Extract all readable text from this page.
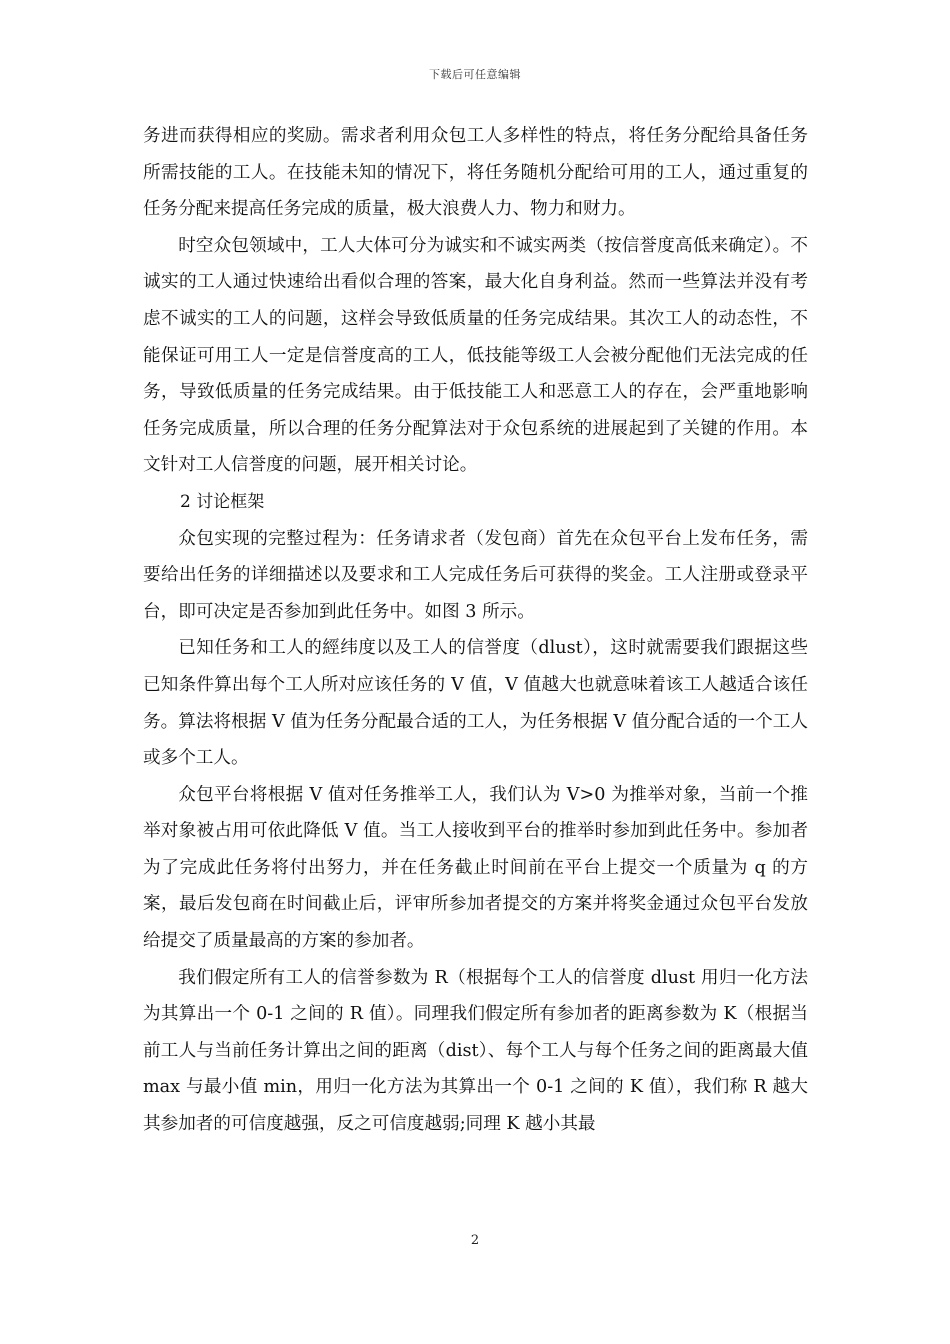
下载后可任意编辑

务进而获得相应的奖励。需求者利用众包工人多样性的特点，将任务分配给具备任务所需技能的工人。在技能未知的情况下，将任务随机分配给可用的工人，通过重复的任务分配来提高任务完成的质量，极大浪费人力、物力和财力。

时空众包领域中，工人大体可分为诚实和不诚实两类（按信誉度高低来确定）。不诚实的工人通过快速给出看似合理的答案，最大化自身利益。然而一些算法并没有考虑不诚实的工人的问题，这样会导致低质量的任务完成结果。其次工人的动态性，不能保证可用工人一定是信誉度高的工人，低技能等级工人会被分配他们无法完成的任务，导致低质量的任务完成结果。由于低技能工人和恶意工人的存在，会严重地影响任务完成质量，所以合理的任务分配算法对于众包系统的进展起到了关键的作用。本文针对工人信誉度的问题，展开相关讨论。

2 讨论框架

众包实现的完整过程为：任务请求者（发包商）首先在众包平台上发布任务，需要给出任务的详细描述以及要求和工人完成任务后可获得的奖金。工人注册或登录平台，即可决定是否参加到此任务中。如图 3 所示。

已知任务和工人的經纬度以及工人的信誉度（dlust），这时就需要我们跟据这些已知条件算出每个工人所对应该任务的 V 值，V 值越大也就意味着该工人越适合该任务。算法将根据 V 值为任务分配最合适的工人，为任务根据 V 值分配合适的一个工人或多个工人。

众包平台将根据 V 值对任务推举工人，我们认为 V>0 为推举对象，当前一个推举对象被占用可依此降低 V 值。当工人接收到平台的推举时参加到此任务中。参加者为了完成此任务将付出努力，并在任务截止时间前在平台上提交一个质量为 q 的方案，最后发包商在时间截止后，评审所参加者提交的方案并将奖金通过众包平台发放给提交了质量最高的方案的参加者。

我们假定所有工人的信誉参数为 R（根据每个工人的信誉度 dlust 用归一化方法为其算出一个 0-1 之间的 R 值）。同理我们假定所有参加者的距离参数为 K（根据当前工人与当前任务计算出之间的距离（dist）、每个工人与每个任务之间的距离最大值 max 与最小值 min，用归一化方法为其算出一个 0-1 之间的 K 值），我们称 R 越大其参加者的可信度越强，反之可信度越弱;同理 K 越小其最

2
